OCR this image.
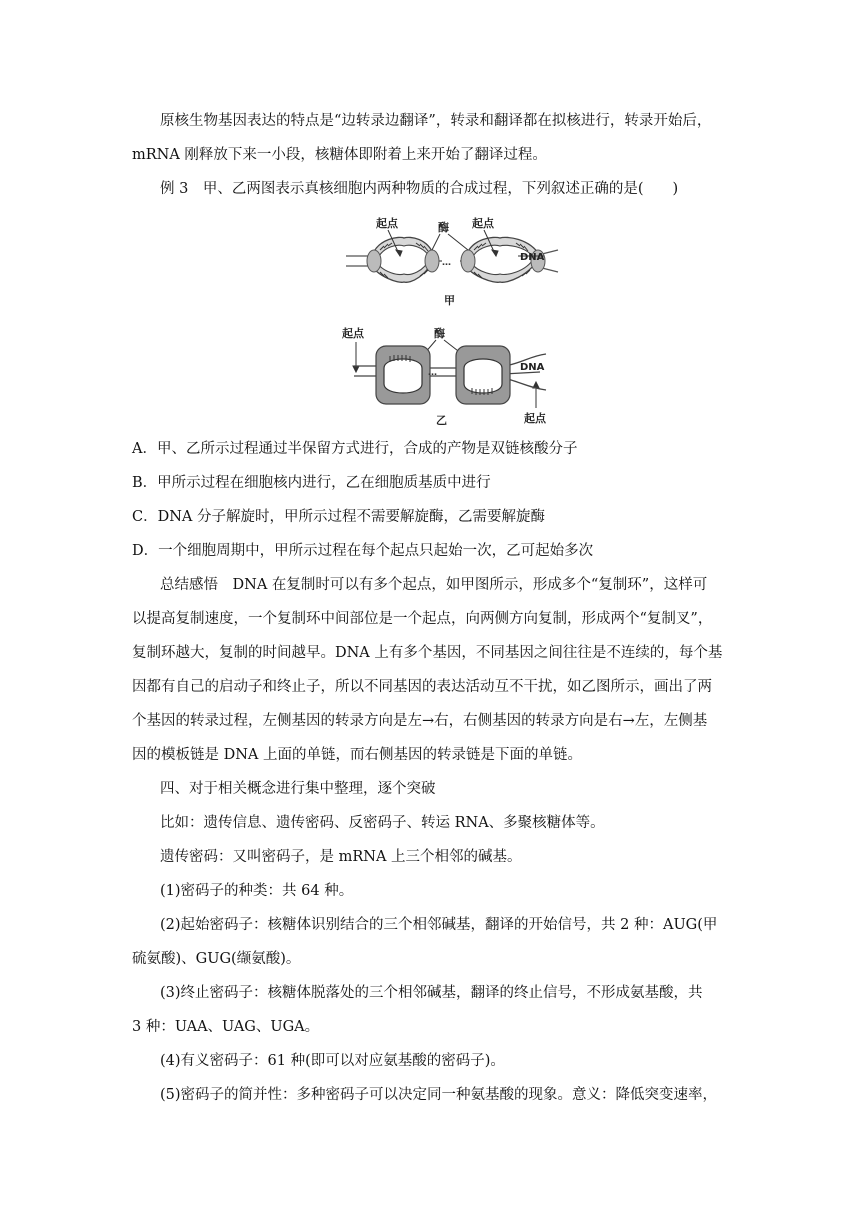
原核生物基因表达的特点是“边转录边翻译”，转录和翻译都在拟核进行，转录开始后，

mRNA 刚释放下来一小段，核糖体即附着上来开始了翻译过程。

例 3　甲、乙两图表示真核细胞内两种物质的合成过程，下列叙述正确的是(　　)

…
起点	酶 起点
DNA
甲
…
起点	酶
DNA
起点
乙

A．甲、乙所示过程通过半保留方式进行，合成的产物是双链核酸分子

B．甲所示过程在细胞核内进行，乙在细胞质基质中进行

C．DNA 分子解旋时，甲所示过程不需要解旋酶，乙需要解旋酶

D．一个细胞周期中，甲所示过程在每个起点只起始一次，乙可起始多次

总结感悟　DNA 在复制时可以有多个起点，如甲图所示，形成多个“复制环”，这样可

以提高复制速度，一个复制环中间部位是一个起点，向两侧方向复制，形成两个“复制叉”，

复制环越大，复制的时间越早。DNA 上有多个基因，不同基因之间往往是不连续的，每个基

因都有自己的启动子和终止子，所以不同基因的表达活动互不干扰，如乙图所示，画出了两

个基因的转录过程，左侧基因的转录方向是左→右，右侧基因的转录方向是右→左，左侧基

因的模板链是 DNA 上面的单链，而右侧基因的转录链是下面的单链。

四、对于相关概念进行集中整理，逐个突破

比如：遗传信息、遗传密码、反密码子、转运 RNA、多聚核糖体等。

遗传密码：又叫密码子，是 mRNA 上三个相邻的碱基。

(1)密码子的种类：共 64 种。

(2)起始密码子：核糖体识别结合的三个相邻碱基，翻译的开始信号，共 2 种：AUG(甲

硫氨酸)、GUG(缬氨酸)。

(3)终止密码子：核糖体脱落处的三个相邻碱基，翻译的终止信号，不形成氨基酸，共

3 种：UAA、UAG、UGA。

(4)有义密码子：61 种(即可以对应氨基酸的密码子)。

(5)密码子的简并性：多种密码子可以决定同一种氨基酸的现象。意义：降低突变速率，
